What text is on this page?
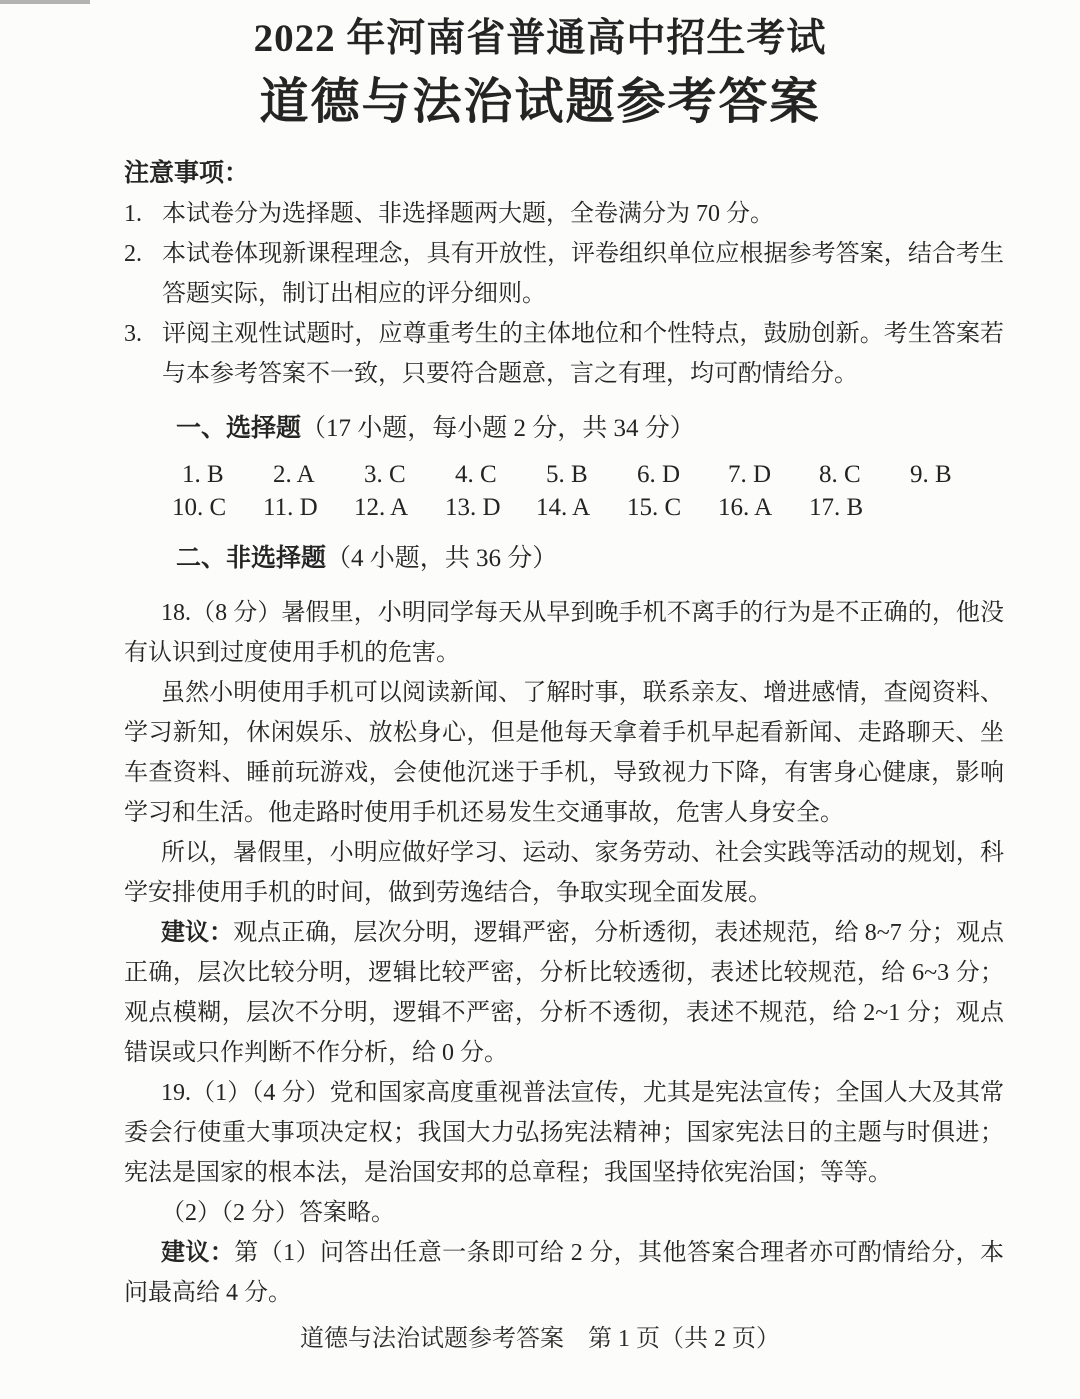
2022 年河南省普通高中招生考试
道德与法治试题参考答案
注意事项：
1. 本试卷分为选择题、非选择题两大题，全卷满分为 70 分。
2. 本试卷体现新课程理念，具有开放性，评卷组织单位应根据参考答案，结合考生答题实际，制订出相应的评分细则。
3. 评阅主观性试题时，应尊重考生的主体地位和个性特点，鼓励创新。考生答案若与本参考答案不一致，只要符合题意，言之有理，均可酌情给分。
一、选择题（17 小题，每小题 2 分，共 34 分）
1. B	2. A	3. C	4. C	5. B	6. D	7. D	8. C	9. B
10. C	11. D	12. A	13. D	14. A	15. C	16. A	17. B
二、非选择题（4 小题，共 36 分）

18.（8 分）暑假里，小明同学每天从早到晚手机不离手的行为是不正确的，他没有认识到过度使用手机的危害。

虽然小明使用手机可以阅读新闻、了解时事，联系亲友、增进感情，查阅资料、学习新知，休闲娱乐、放松身心，但是他每天拿着手机早起看新闻、走路聊天、坐车查资料、睡前玩游戏，会使他沉迷于手机，导致视力下降，有害身心健康，影响学习和生活。他走路时使用手机还易发生交通事故，危害人身安全。

所以，暑假里，小明应做好学习、运动、家务劳动、社会实践等活动的规划，科学安排使用手机的时间，做到劳逸结合，争取实现全面发展。

建议：观点正确，层次分明，逻辑严密，分析透彻，表述规范，给 8~7 分；观点正确，层次比较分明，逻辑比较严密，分析比较透彻，表述比较规范，给 6~3 分；观点模糊，层次不分明，逻辑不严密，分析不透彻，表述不规范，给 2~1 分；观点错误或只作判断不作分析，给 0 分。

19.（1）（4 分）党和国家高度重视普法宣传，尤其是宪法宣传；全国人大及其常委会行使重大事项决定权；我国大力弘扬宪法精神；国家宪法日的主题与时俱进；宪法是国家的根本法，是治国安邦的总章程；我国坚持依宪治国；等等。

（2）（2 分）答案略。

建议：第（1）问答出任意一条即可给 2 分，其他答案合理者亦可酌情给分，本问最高给 4 分。

道德与法治试题参考答案　第 1 页（共 2 页）
